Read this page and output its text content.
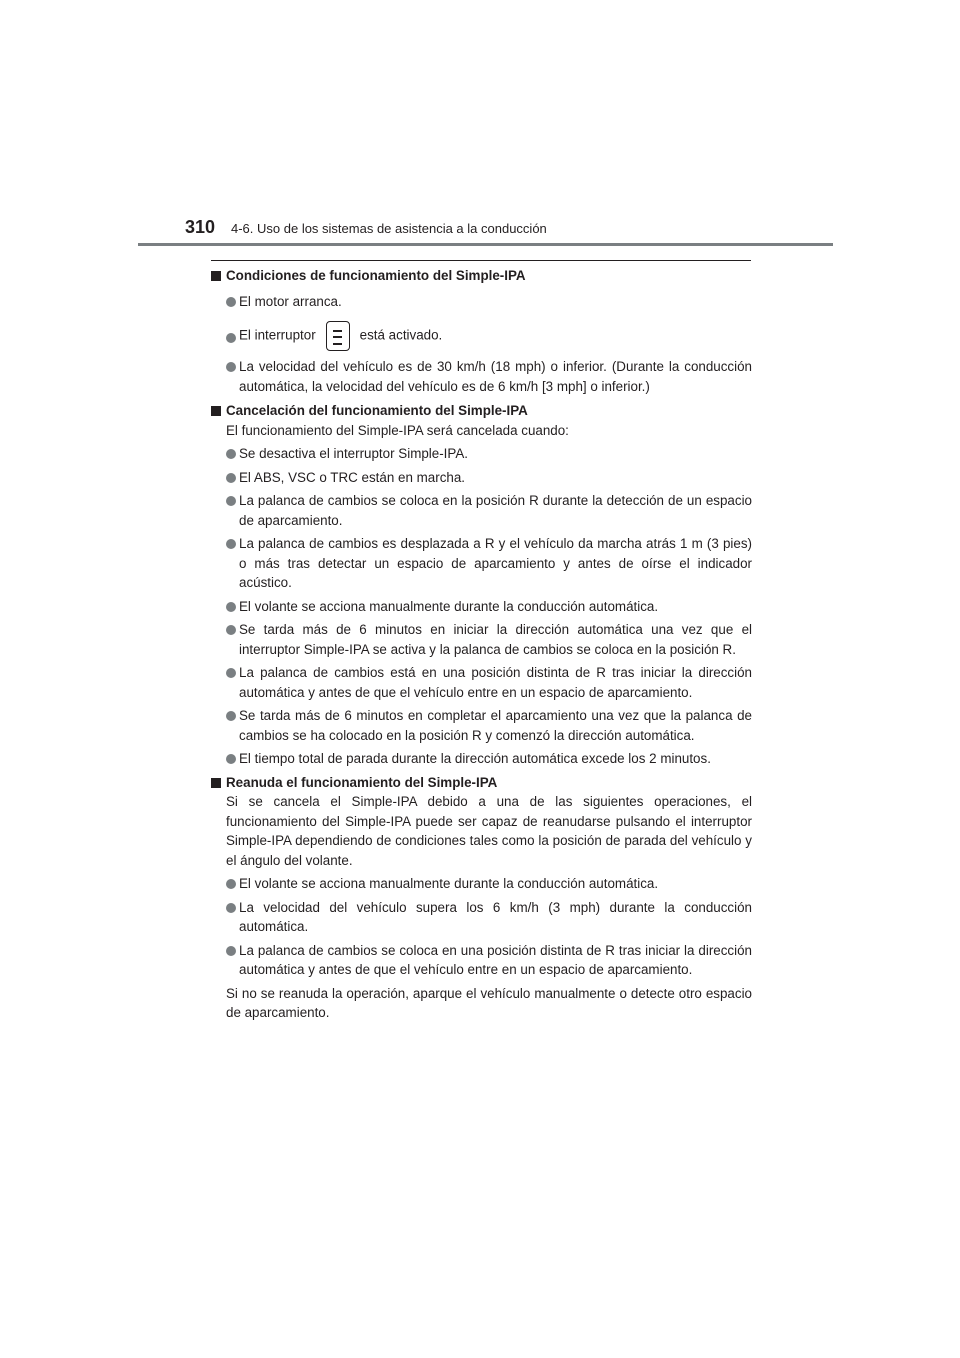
310 4-6. Uso de los sistemas de asistencia a la conducción
Condiciones de funcionamiento del Simple-IPA
El motor arranca.
El interruptor	está activado.
La velocidad del vehículo es de 30 km/h (18 mph) o inferior. (Durante la conducción automática, la velocidad del vehículo es de 6 km/h [3 mph] o inferior.)
Cancelación del funcionamiento del Simple-IPA
El funcionamiento del Simple-IPA será cancelada cuando:
Se desactiva el interruptor Simple-IPA.
El ABS, VSC o TRC están en marcha.
La palanca de cambios se coloca en la posición R durante la detección de un espacio de aparcamiento.
La palanca de cambios es desplazada a R y el vehículo da marcha atrás 1 m (3 pies) o más tras detectar un espacio de aparcamiento y antes de oírse el indicador acústico.
El volante se acciona manualmente durante la conducción automática.
Se tarda más de 6 minutos en iniciar la dirección automática una vez que el interruptor Simple-IPA se activa y la palanca de cambios se coloca en la posición R.
La palanca de cambios está en una posición distinta de R tras iniciar la dirección automática y antes de que el vehículo entre en un espacio de aparcamiento.
Se tarda más de 6 minutos en completar el aparcamiento una vez que la palanca de cambios se ha colocado en la posición R y comenzó la dirección automática.
El tiempo total de parada durante la dirección automática excede los 2 minutos.
Reanuda el funcionamiento del Simple-IPA
Si se cancela el Simple-IPA debido a una de las siguientes operaciones, el funcionamiento del Simple-IPA puede ser capaz de reanudarse pulsando el interruptor Simple-IPA dependiendo de condiciones tales como la posición de parada del vehículo y el ángulo del volante.
El volante se acciona manualmente durante la conducción automática.
La velocidad del vehículo supera los 6 km/h (3 mph) durante la conducción automática.
La palanca de cambios se coloca en una posición distinta de R tras iniciar la dirección automática y antes de que el vehículo entre en un espacio de aparcamiento.
Si no se reanuda la operación, aparque el vehículo manualmente o detecte otro espacio de aparcamiento.
